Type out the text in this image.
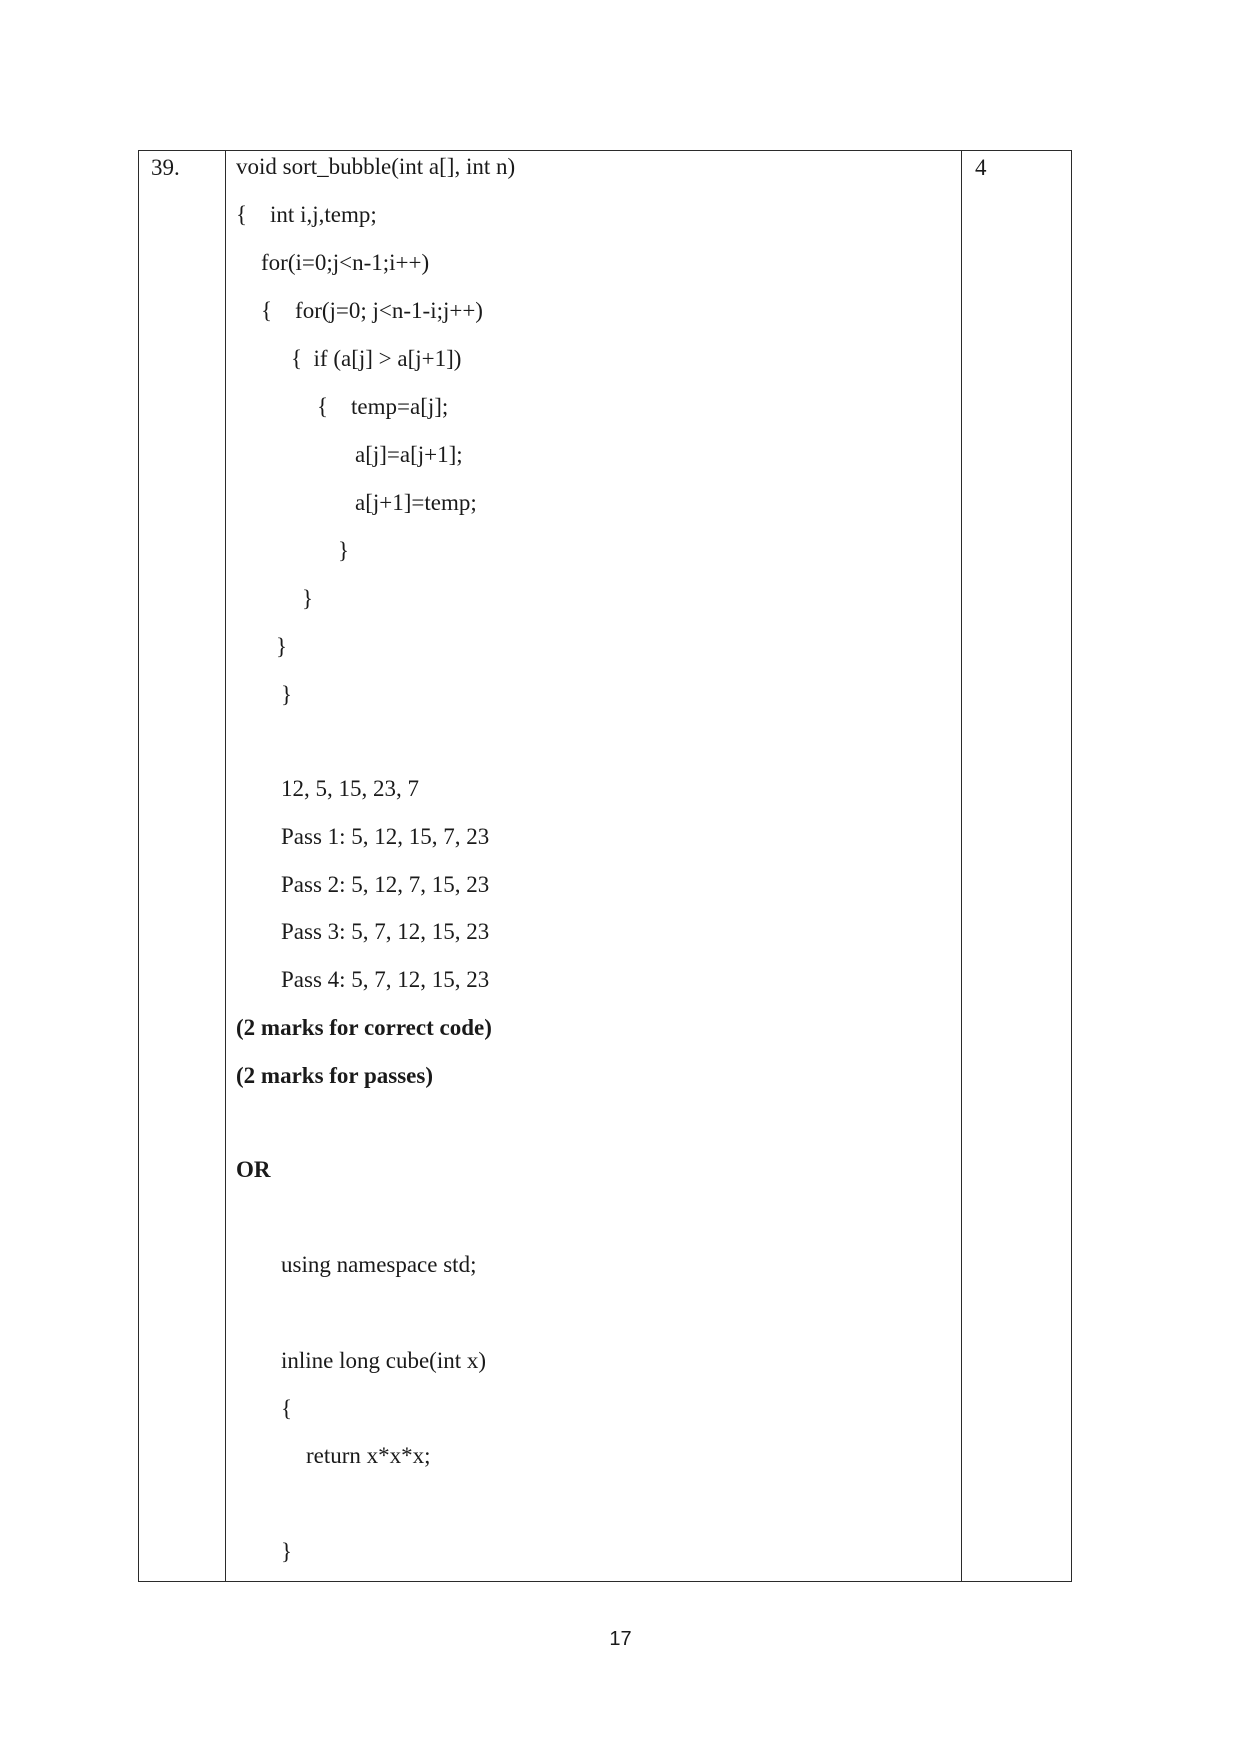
39.	4
void sort_bubble(int a[], int n)
{    int i,j,temp;
for(i=0;j<n-1;i++)
{    for(j=0; j<n-1-i;j++)
{  if (a[j] > a[j+1])
{    temp=a[j];
a[j]=a[j+1];
a[j+1]=temp;
}
}
}
}
12, 5, 15, 23, 7
Pass 1: 5, 12, 15, 7, 23
Pass 2: 5, 12, 7, 15, 23
Pass 3: 5, 7, 12, 15, 23
Pass 4: 5, 7, 12, 15, 23
(2 marks for correct code)
(2 marks for passes)
OR
using namespace std;
inline long cube(int x)
{
return x*x*x;
}
17
